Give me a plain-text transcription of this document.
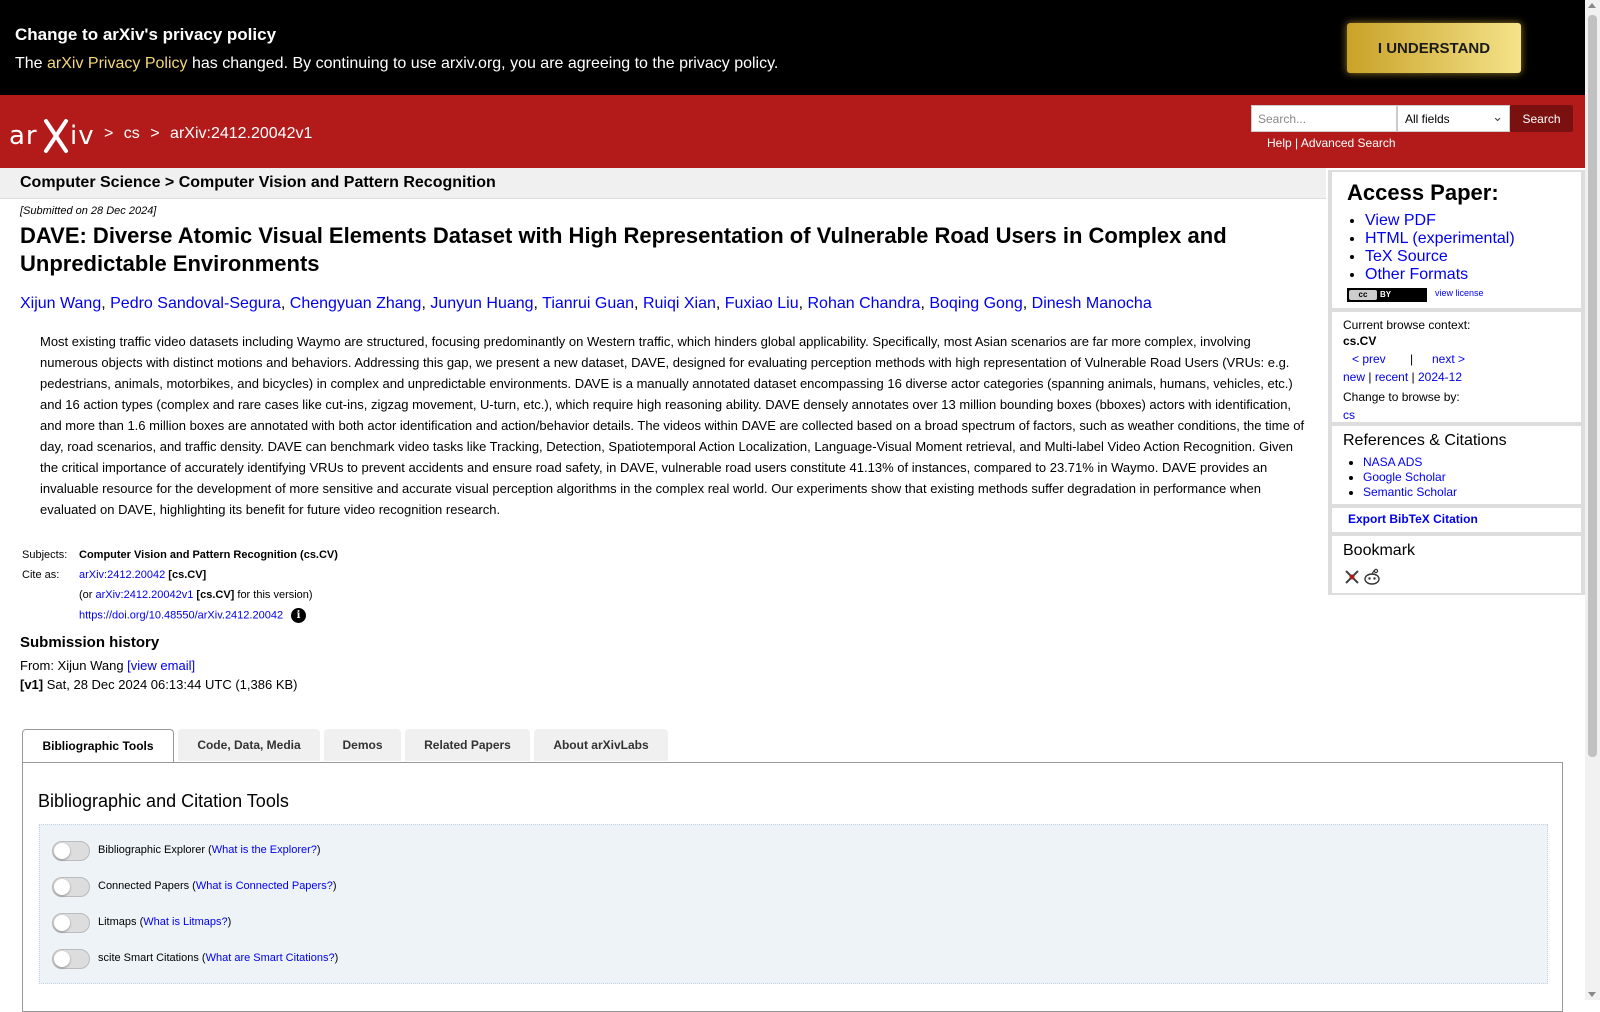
Change to arXiv's privacy policy
The arXiv Privacy Policy has changed. By continuing to use arxiv.org, you are agreeing to the privacy policy.
I UNDERSTAND
ar iv > cs > arXiv:2412.20042v1
Search...	All fields	⌄	Search
Help | Advanced Search
Computer Science > Computer Vision and Pattern Recognition
[Submitted on 28 Dec 2024]
DAVE: Diverse Atomic Visual Elements Dataset with High Representation of Vulnerable Road Users in Complex and Unpredictable Environments
Xijun Wang, Pedro Sandoval-Segura, Chengyuan Zhang, Junyun Huang, Tianrui Guan, Ruiqi Xian, Fuxiao Liu, Rohan Chandra, Boqing Gong, Dinesh Manocha
Most existing traffic video datasets including Waymo are structured, focusing predominantly on Western traffic, which hinders global applicability. Specifically, most Asian scenarios are far more complex, involving numerous objects with distinct motions and behaviors. Addressing this gap, we present a new dataset, DAVE, designed for evaluating perception methods with high representation of Vulnerable Road Users (VRUs: e.g. pedestrians, animals, motorbikes, and bicycles) in complex and unpredictable environments. DAVE is a manually annotated dataset encompassing 16 diverse actor categories (spanning animals, humans, vehicles, etc.) and 16 action types (complex and rare cases like cut-ins, zigzag movement, U-turn, etc.), which require high reasoning ability. DAVE densely annotates over 13 million bounding boxes (bboxes) actors with identification, and more than 1.6 million boxes are annotated with both actor identification and action/behavior details. The videos within DAVE are collected based on a broad spectrum of factors, such as weather conditions, the time of day, road scenarios, and traffic density. DAVE can benchmark video tasks like Tracking, Detection, Spatiotemporal Action Localization, Language-Visual Moment retrieval, and Multi-label Video Action Recognition. Given the critical importance of accurately identifying VRUs to prevent accidents and ensure road safety, in DAVE, vulnerable road users constitute 41.13% of instances, compared to 23.71% in Waymo. DAVE provides an invaluable resource for the development of more sensitive and accurate visual perception algorithms in the complex real world. Our experiments show that existing methods suffer degradation in performance when evaluated on DAVE, highlighting its benefit for future video recognition research.
Subjects:	Computer Vision and Pattern Recognition (cs.CV)
Cite as:	arXiv:2412.20042 [cs.CV]
	(or arXiv:2412.20042v1 [cs.CV] for this version)
	https://doi.org/10.48550/arXiv.2412.20042 i
Submission history
From: Xijun Wang [view email]
[v1] Sat, 28 Dec 2024 06:13:44 UTC (1,386 KB)
Access Paper:
• View PDF
• HTML (experimental)
• TeX Source
• Other Formats
cc	BY	view license
Current browse context:
cs.CV
< prev | next >
new | recent | 2024-12
Change to browse by:
cs
References & Citations
• NASA ADS
• Google Scholar
• Semantic Scholar
Export BibTeX Citation
Bookmark
Bibliographic Tools	Code, Data, Media	Demos	Related Papers	About arXivLabs
Bibliographic and Citation Tools
Bibliographic Explorer (What is the Explorer?)
Connected Papers (What is Connected Papers?)
Litmaps (What is Litmaps?)
scite Smart Citations (What are Smart Citations?)
